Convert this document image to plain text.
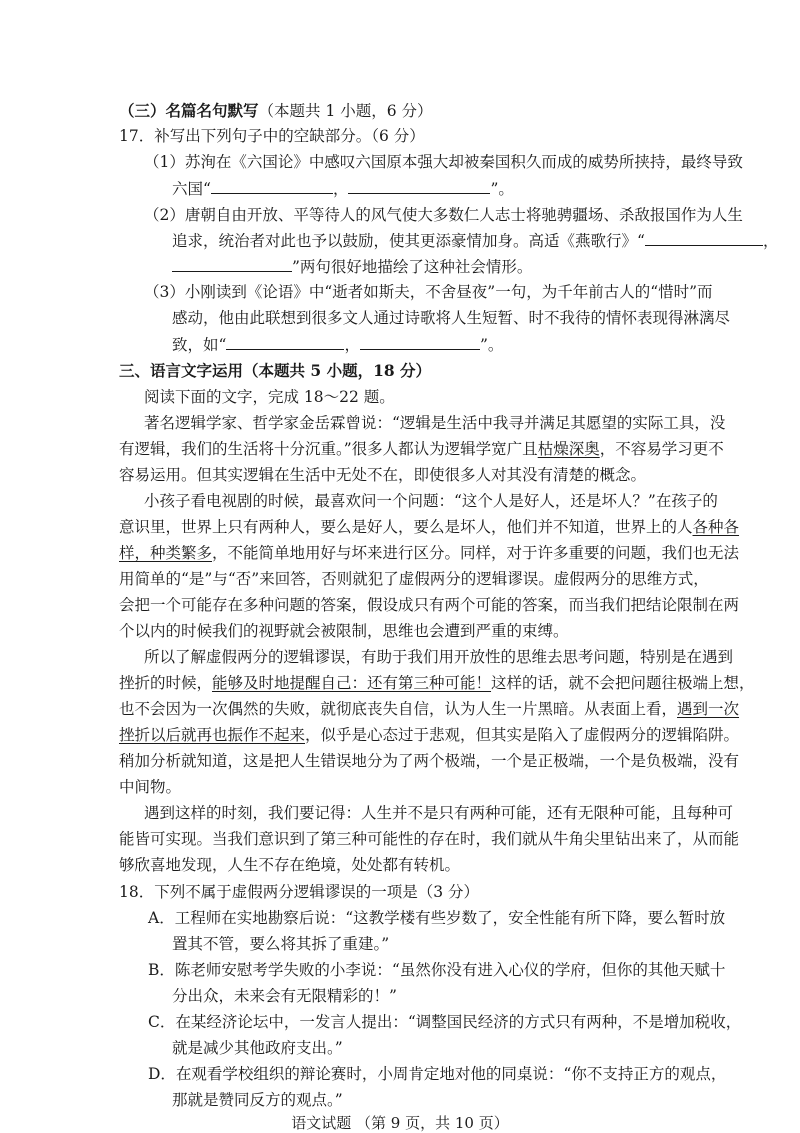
（三）名篇名句默写（本题共 1 小题，6 分）
17．补写出下列句子中的空缺部分。（6 分）
（1）苏洵在《六国论》中感叹六国原本强大却被秦国积久而成的威势所挟持，最终导致
六国“	，	”。
（2）唐朝自由开放、平等待人的风气使大多数仁人志士将驰骋疆场、杀敌报国作为人生
追求，统治者对此也予以鼓励，使其更添豪情加身。高适《燕歌行》“	，
”两句很好地描绘了这种社会情形。
（3）小刚读到《论语》中“逝者如斯夫，不舍昼夜”一句，为千年前古人的“惜时”而
感动，他由此联想到很多文人通过诗歌将人生短暂、时不我待的情怀表现得淋漓尽
致，如“	，	”。
三、语言文字运用（本题共 5 小题，18 分）
阅读下面的文字，完成 18～22 题。
著名逻辑学家、哲学家金岳霖曾说：“逻辑是生活中我寻并满足其愿望的实际工具，没
有逻辑，我们的生活将十分沉重。”很多人都认为逻辑学宽广且枯燥深奥，不容易学习更不
容易运用。但其实逻辑在生活中无处不在，即使很多人对其没有清楚的概念。
小孩子看电视剧的时候，最喜欢问一个问题：“这个人是好人，还是坏人？”在孩子的
意识里，世界上只有两种人，要么是好人，要么是坏人，他们并不知道，世界上的人各种各
样，种类繁多，不能简单地用好与坏来进行区分。同样，对于许多重要的问题，我们也无法
用简单的“是”与“否”来回答，否则就犯了虚假两分的逻辑谬误。虚假两分的思维方式，
会把一个可能存在多种问题的答案，假设成只有两个可能的答案，而当我们把结论限制在两
个以内的时候我们的视野就会被限制，思维也会遭到严重的束缚。
所以了解虚假两分的逻辑谬误，有助于我们用开放性的思维去思考问题，特别是在遇到
挫折的时候，能够及时地提醒自己：还有第三种可能！这样的话，就不会把问题往极端上想，
也不会因为一次偶然的失败，就彻底丧失自信，认为人生一片黑暗。从表面上看，遇到一次
挫折以后就再也振作不起来，似乎是心态过于悲观，但其实是陷入了虚假两分的逻辑陷阱。
稍加分析就知道，这是把人生错误地分为了两个极端，一个是正极端，一个是负极端，没有
中间物。
遇到这样的时刻，我们要记得：人生并不是只有两种可能，还有无限种可能，且每种可
能皆可实现。当我们意识到了第三种可能性的存在时，我们就从牛角尖里钻出来了，从而能
够欣喜地发现，人生不存在绝境，处处都有转机。
18．下列不属于虚假两分逻辑谬误的一项是（3 分）
A．工程师在实地勘察后说：“这教学楼有些岁数了，安全性能有所下降，要么暂时放
置其不管，要么将其拆了重建。”
B．陈老师安慰考学失败的小李说：“虽然你没有进入心仪的学府，但你的其他天赋十
分出众，未来会有无限精彩的！”
C．在某经济论坛中，一发言人提出：“调整国民经济的方式只有两种，不是增加税收，
就是减少其他政府支出。”
D．在观看学校组织的辩论赛时，小周肯定地对他的同桌说：“你不支持正方的观点，
那就是赞同反方的观点。”
语文试题 （第 9 页，共 10 页）
